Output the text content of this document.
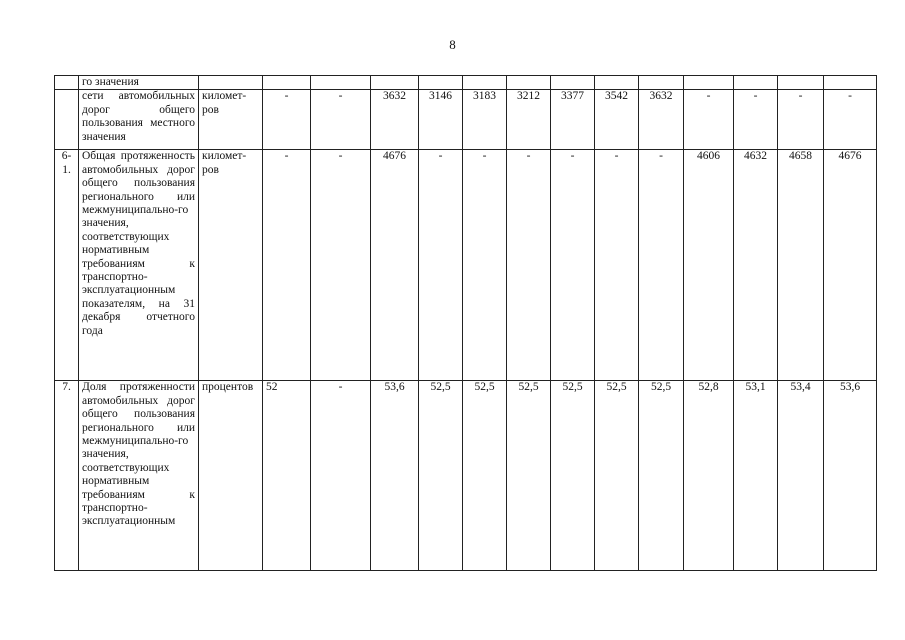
8
	го значения														
	сети автомобильных дорог общего пользования местного значения	километ-ров	-	-	3632	3146	3183	3212	3377	3542	3632	-	-	-	-
6-1.	Общая протяженность автомобильных дорог общего пользования регионального или межмуниципально-го значения, соответствующих нормативным требованиям к транспортно-эксплуатационным показателям, на 31 декабря отчетного года	километ-ров	-	-	4676	-	-	-	-	-	-	4606	4632	4658	4676
7.	Доля протяженности автомобильных дорог общего пользования регионального или межмуниципально-го значения, соответствующих нормативным требованиям к транспортно-эксплуатационным	процентов	52	-	53,6	52,5	52,5	52,5	52,5	52,5	52,5	52,8	53,1	53,4	53,6
